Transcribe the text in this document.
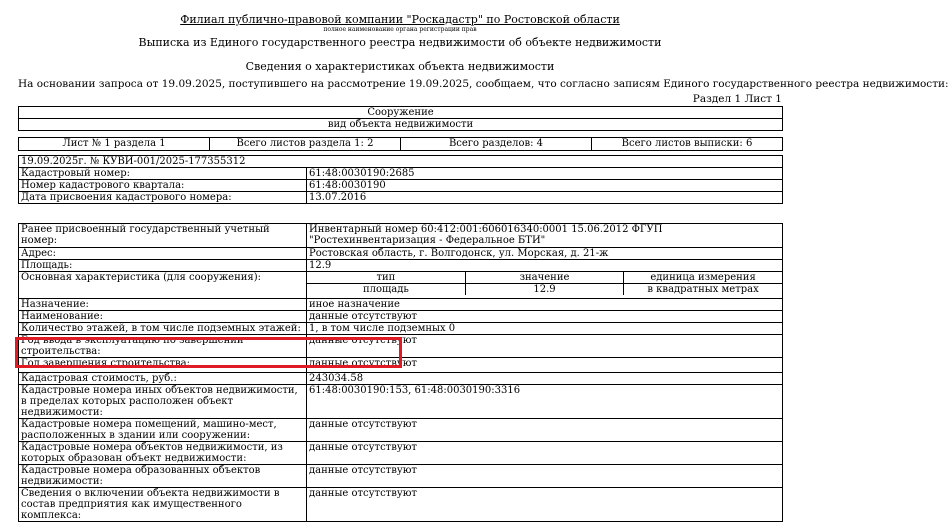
Филиал публично-правовой компании "Роскадастр" по Ростовской области
полное наименование органа регистрации прав
Выписка из Единого государственного реестра недвижимости об объекте недвижимости
Сведения о характеристиках объекта недвижимости
На основании запроса от 19.09.2025, поступившего на рассмотрение 19.09.2025, сообщаем, что согласно записям Единого государственного реестра недвижимости:
Раздел 1 Лист 1
Сооружение
вид объекта недвижимости
Лист № 1 раздела 1	Всего листов раздела 1: 2	Всего разделов: 4	Всего листов выписки: 6
19.09.2025г. № КУВИ-001/2025-177355312	
Кадастровый номер:	61:48:0030190:2685
Номер кадастрового квартала:	61:48:0030190
Дата присвоения кадастрового номера:	13.07.2016
Ранее присвоенный государственный учетный номер:	Инвентарный номер 60:412:001:606016340:0001 15.06.2012 ФГУП "Ростехинвентаризация - Федеральное БТИ"
Адрес:	Ростовская область, г. Волгодонск, ул. Морская, д. 21-ж
Площадь:	12.9
Основная характеристика (для сооружения):		тип	значение	единица измерения
площадь	12.9	в квадратных метрах

Назначение:	иное назначение
Наименование:	данные отсутствуют
Количество этажей, в том числе подземных этажей:	1, в том числе подземных 0
Год ввода в эксплуатацию по завершении строительства:	данные отсутствуют
Год завершения строительства:	данные отсутствуют
Кадастровая стоимость, руб.:	243034.58
Кадастровые номера иных объектов недвижимости, в пределах которых расположен объект недвижимости:	61:48:0030190:153, 61:48:0030190:3316
Кадастровые номера помещений, машино-мест, расположенных в здании или сооружении:	данные отсутствуют
Кадастровые номера объектов недвижимости, из которых образован объект недвижимости:	данные отсутствуют
Кадастровые номера образованных объектов недвижимости:	данные отсутствуют
Сведения о включении объекта недвижимости в состав предприятия как имущественного комплекса:	данные отсутствуют
